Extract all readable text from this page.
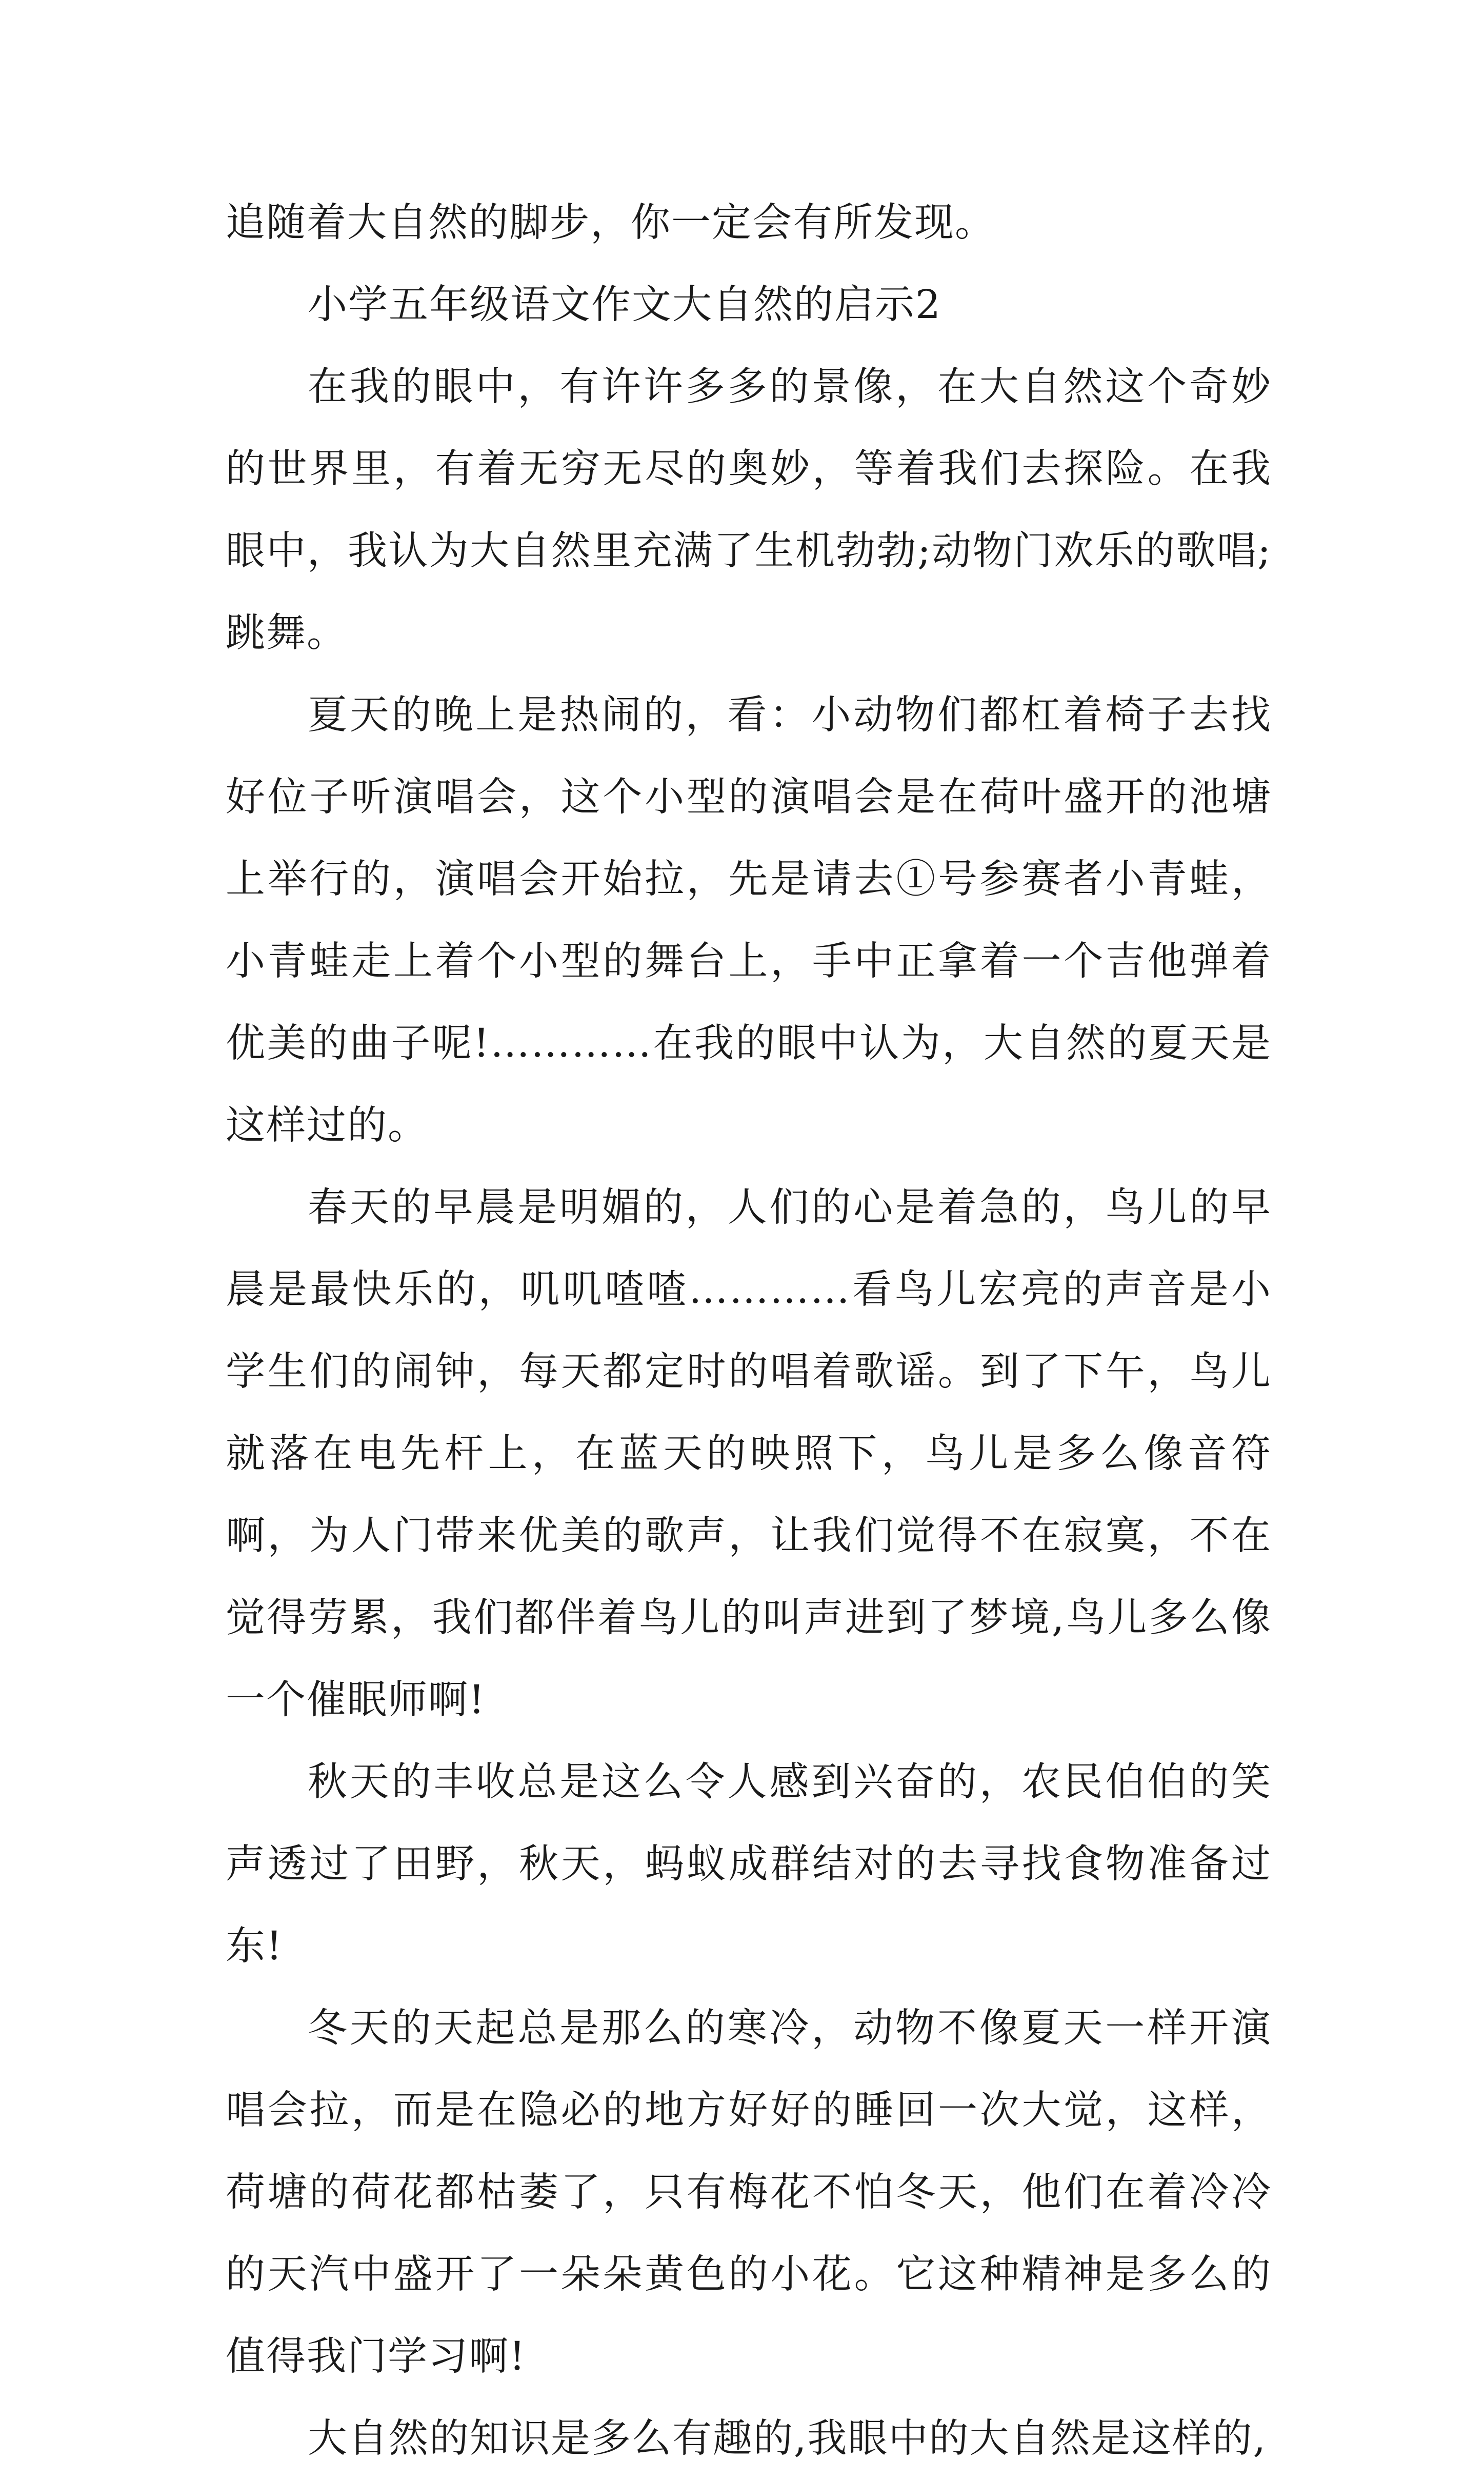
追随着大自然的脚步，你一定会有所发现。

小学五年级语文作文大自然的启示2

在我的眼中，有许许多多的景像，在大自然这个奇妙的世界里，有着无穷无尽的奥妙，等着我们去探险。在我眼中，我认为大自然里充满了生机勃勃;动物门欢乐的歌唱;跳舞。

夏天的晚上是热闹的，看：小动物们都杠着椅子去找好位子听演唱会，这个小型的演唱会是在荷叶盛开的池塘上举行的，演唱会开始拉，先是请去①号参赛者小青蛙，小青蛙走上着个小型的舞台上，手中正拿着一个吉他弹着优美的曲子呢!…………在我的眼中认为，大自然的夏天是这样过的。

春天的早晨是明媚的，人们的心是着急的，鸟儿的早晨是最快乐的，叽叽喳喳…………看鸟儿宏亮的声音是小学生们的闹钟，每天都定时的唱着歌谣。到了下午，鸟儿就落在电先杆上，在蓝天的映照下，鸟儿是多么像音符啊，为人门带来优美的歌声，让我们觉得不在寂寞，不在觉得劳累，我们都伴着鸟儿的叫声进到了梦境,鸟儿多么像一个催眠师啊!

秋天的丰收总是这么令人感到兴奋的，农民伯伯的笑声透过了田野，秋天，蚂蚁成群结对的去寻找食物准备过东!

冬天的天起总是那么的寒冷，动物不像夏天一样开演唱会拉，而是在隐必的地方好好的睡回一次大觉，这样，荷塘的荷花都枯萎了，只有梅花不怕冬天，他们在着冷冷的天汽中盛开了一朵朵黄色的小花。它这种精神是多么的值得我门学习啊!

大自然的知识是多么有趣的,我眼中的大自然是这样的,
